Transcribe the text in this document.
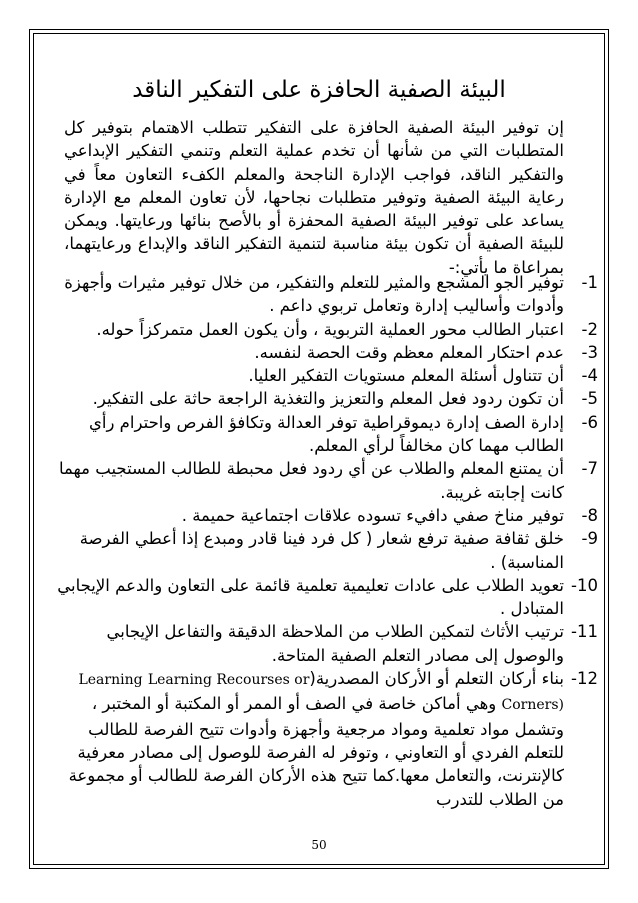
البيئة الصفية الحافزة على التفكير الناقد

إن توفير البيئة الصفية الحافزة على التفكير تتطلب الاهتمام بتوفير كل المتطلبات التي من شأنها أن تخدم عملية التعلم وتنمي التفكير الإبداعي والتفكير الناقد، فواجب الإدارة الناجحة والمعلم الكفء التعاون معاً في رعاية البيئة الصفية وتوفير متطلبات نجاحها، لأن تعاون المعلم مع الإدارة يساعد على توفير البيئة الصفية المحفزة أو بالأصح بنائها ورعايتها. ويمكن للبيئة الصفية أن تكون بيئة مناسبة لتنمية التفكير الناقد والإبداع ورعايتهما، بمراعاة ما يأتي:-

-1
توفير الجو المشجع والمثير للتعلم والتفكير، من خلال توفير مثيرات وأجهزة وأدوات وأساليب إدارة وتعامل تربوي داعم .
-2
اعتبار الطالب محور العملية التربوية ، وأن يكون العمل متمركزاً حوله.
-3
عدم احتكار المعلم معظم وقت الحصة لنفسه.
-4
أن تتناول أسئلة المعلم مستويات التفكير العليا.
-5
أن تكون ردود فعل المعلم والتعزيز والتغذية الراجعة حاثة على التفكير.
-6
إدارة الصف إدارة ديموقراطية توفر العدالة وتكافؤ الفرص واحترام رأي الطالب مهما كان مخالفاً لرأي المعلم.
-7
أن يمتنع المعلم والطلاب عن أي ردود فعل محبطة للطالب المستجيب مهما كانت إجابته غريبة.
-8
توفير مناخ صفي دافيء تسوده علاقات اجتماعية حميمة .
-9
خلق ثقافة صفية ترفع شعار ( كل فرد فينا قادر ومبدع إذا أعطي الفرصة المناسبة) .
-10
تعويد الطلاب على عادات تعليمية تعلمية قائمة على التعاون والدعم الإيجابي المتبادل .
-11
ترتيب الأثاث لتمكين الطلاب من الملاحظة الدقيقة والتفاعل الإيجابي والوصول إلى مصادر التعلم الصفية المتاحة.
-12
بناء أركان التعلم أو الأركان المصدرية(Learning Recourses or Learning Corners) وهي أماكن خاصة في الصف أو الممر أو المكتبة أو المختبر ، وتشمل مواد تعلمية ومواد مرجعية وأجهزة وأدوات تتيح الفرصة للطالب للتعلم الفردي أو التعاوني ، وتوفر له الفرصة للوصول إلى مصادر معرفية كالإنترنت، والتعامل معها.كما تتيح هذه الأركان الفرصة للطالب أو مجموعة من الطلاب للتدرب
50
